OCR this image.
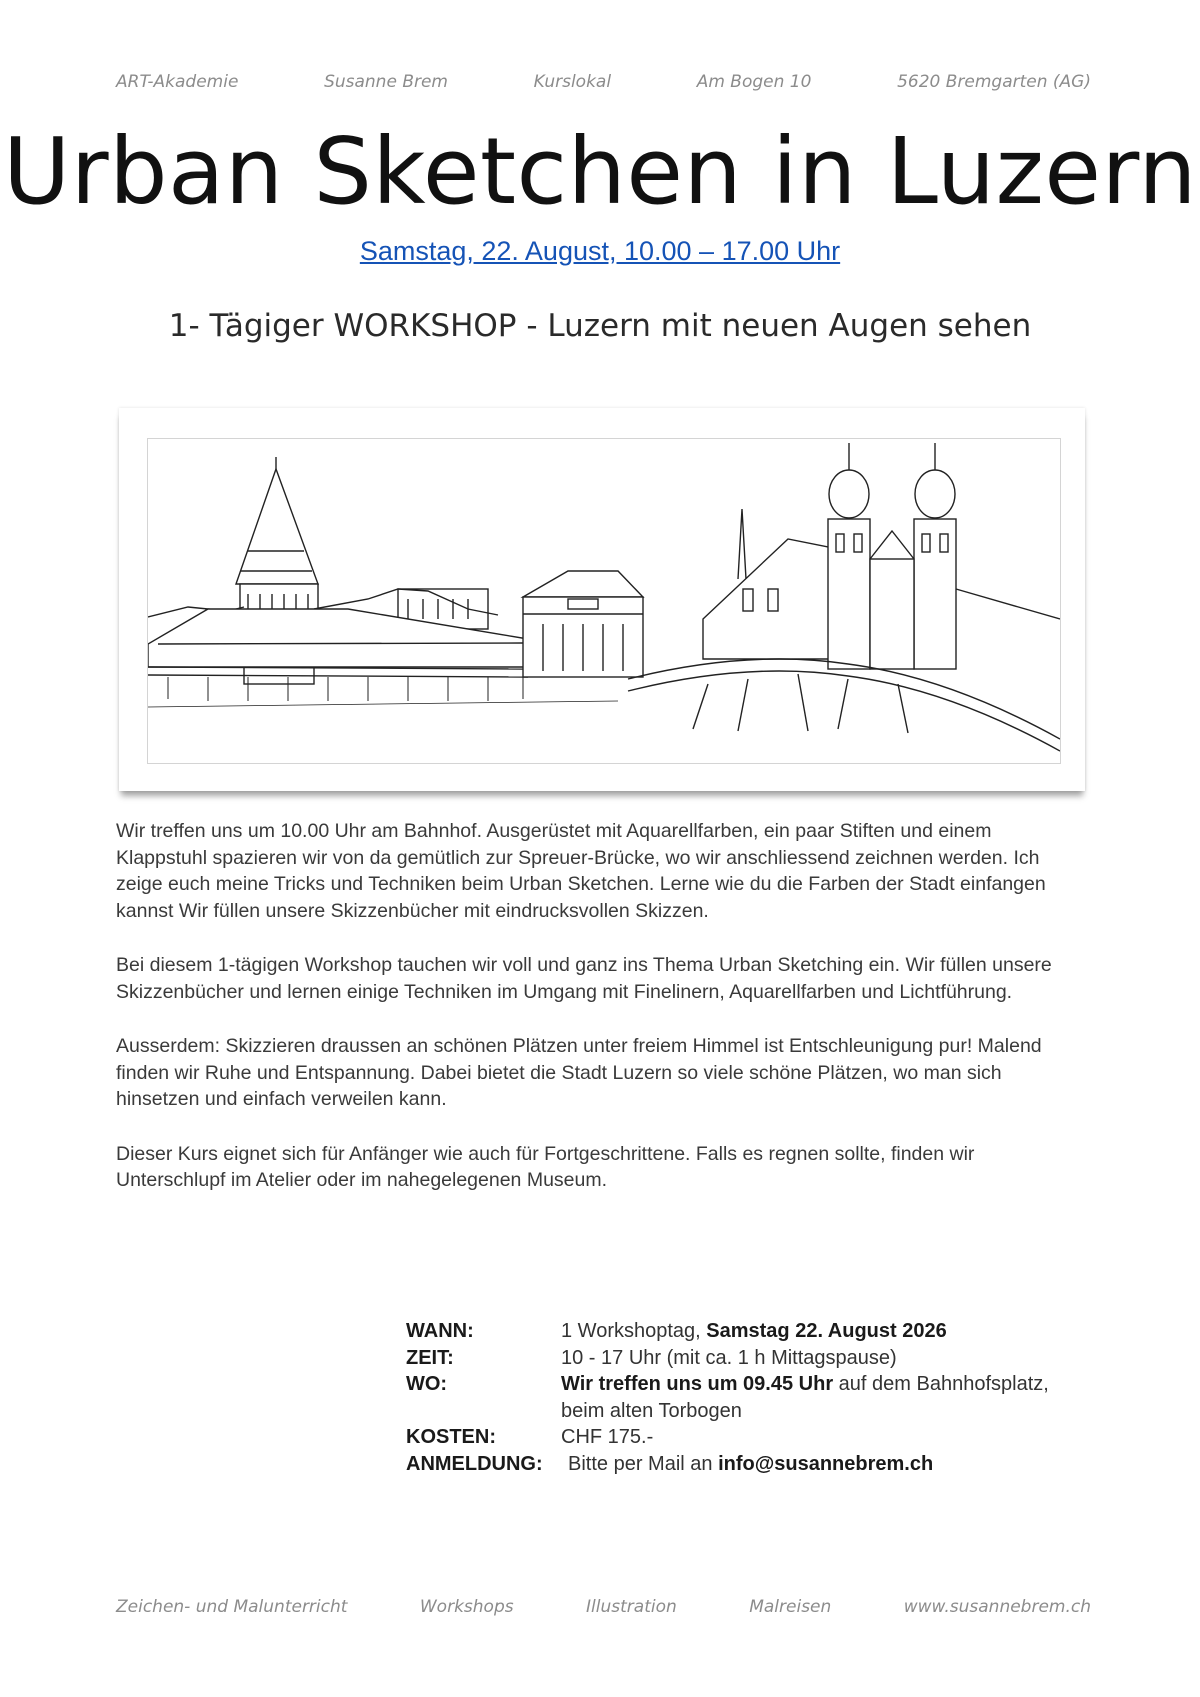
ART-Akademie	Susanne Brem	Kurslokal	Am Bogen 10	5620 Bremgarten (AG)
Urban Sketchen in Luzern
Samstag, 22. August, 10.00 – 17.00 Uhr
1- Tägiger WORKSHOP - Luzern mit neuen Augen sehen

Wir treffen uns um 10.00 Uhr am Bahnhof. Ausgerüstet mit Aquarellfarben, ein paar Stiften und einem Klappstuhl spazieren wir von da gemütlich zur Spreuer-Brücke, wo wir anschliessend zeichnen werden. Ich zeige euch meine Tricks und Techniken beim Urban Sketchen. Lerne wie du die Farben der Stadt einfangen kannst Wir füllen unsere Skizzenbücher mit eindrucksvollen Skizzen.

Bei diesem 1-tägigen Workshop tauchen wir voll und ganz ins Thema Urban Sketching ein. Wir füllen unsere Skizzenbücher und lernen einige Techniken im Umgang mit Finelinern, Aquarellfarben und Lichtführung.

Ausserdem: Skizzieren draussen an schönen Plätzen unter freiem Himmel ist Entschleunigung pur! Malend finden wir Ruhe und Entspannung. Dabei bietet die Stadt Luzern so viele schöne Plätzen, wo man sich hinsetzen und einfach verweilen kann.

Dieser Kurs eignet sich für Anfänger wie auch für Fortgeschrittene. Falls es regnen sollte, finden wir Unterschlupf im Atelier oder im nahegelegenen Museum.

WANN:	1 Workshoptag, Samstag 22. August 2026
ZEIT:	10 - 17 Uhr (mit ca. 1 h Mittagspause)
WO:	Wir treffen uns um 09.45 Uhr auf dem Bahnhofsplatz,
beim alten Torbogen
KOSTEN:	CHF 175.-
ANMELDUNG:	Bitte per Mail an info@susannebrem.ch
Zeichen- und Malunterricht	Workshops	Illustration	Malreisen	www.susannebrem.ch
